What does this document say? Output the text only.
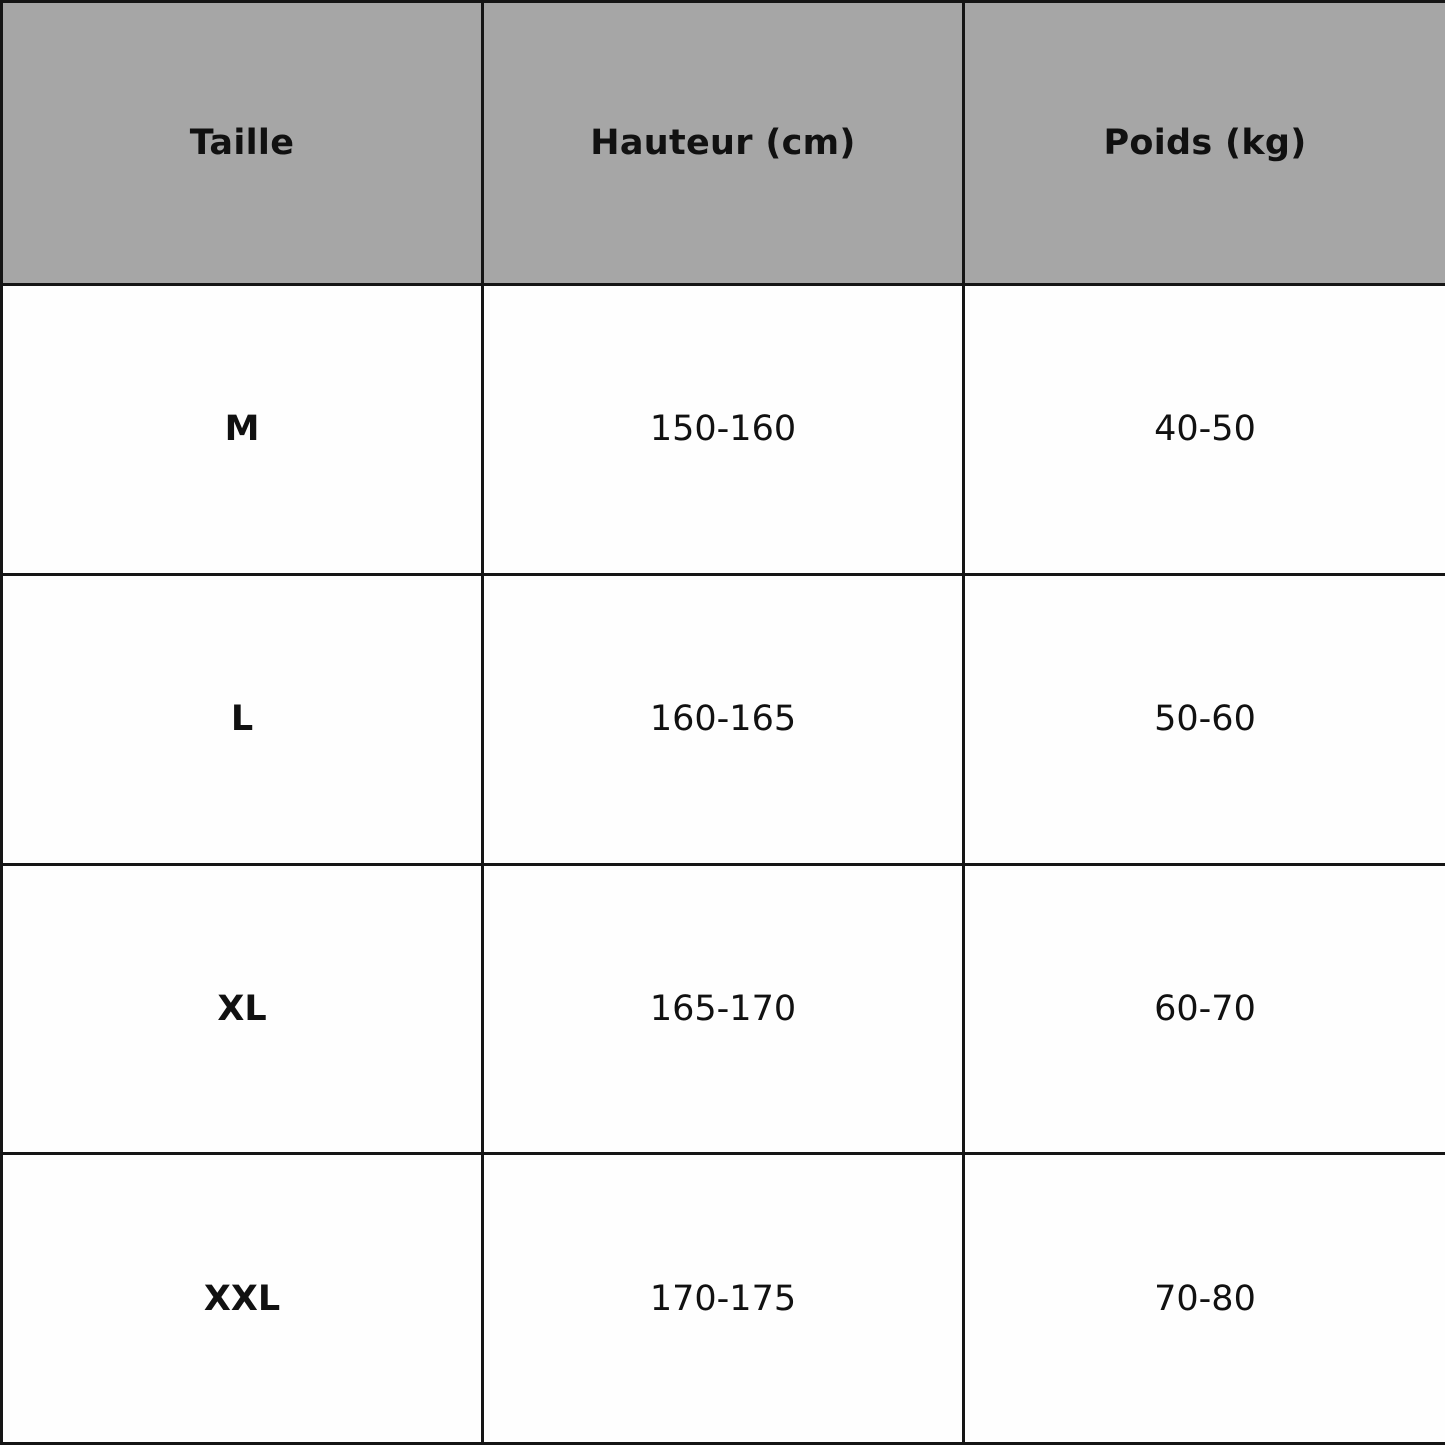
Taille	Hauteur (cm)	Poids (kg)
M	150-160	40-50
L	160-165	50-60
XL	165-170	60-70
XXL	170-175	70-80
